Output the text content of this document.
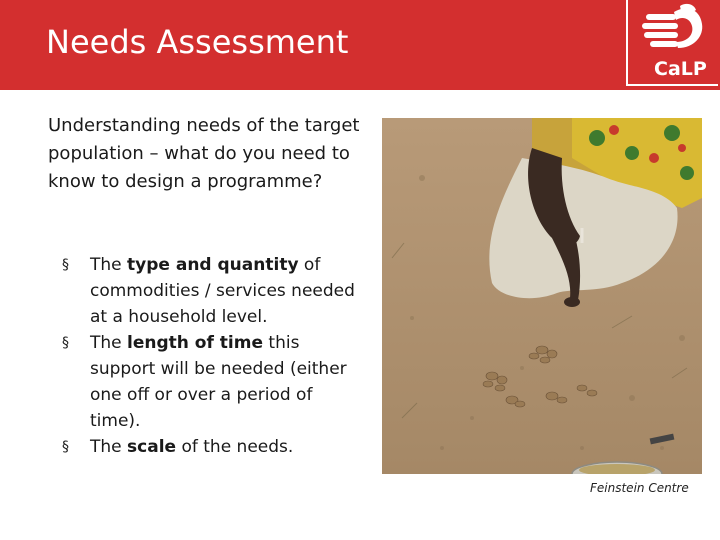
Needs Assessment
CaLP
Understanding needs of the target population – what do you need to know to design a programme?
§ The type and quantity of commodities / services needed at a household level.
§ The length of time this support will be needed (either one off or over a period of time).
§ The scale of the needs.
Feinstein Centre
